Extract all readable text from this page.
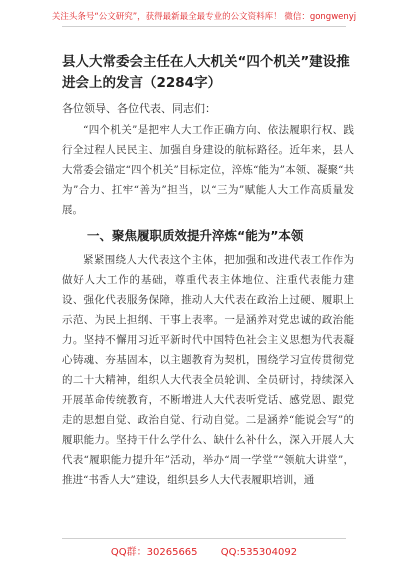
关注头条号“公文研究”，获得最新最全最专业的公文资料库！ 微信：gongwenyj
县人大常委会主任在人大机关“四个机关”建设推进会上的发言（2284字）
各位领导、各位代表、同志们：
“四个机关”是把牢人大工作正确方向、依法履职行权、践行全过程人民民主、加强自身建设的航标路径。近年来，县人大常委会锚定“四个机关”目标定位，淬炼“能为”本领、凝聚“共为”合力、扛牢“善为”担当，以“三为”赋能人大工作高质量发展。
一、聚焦履职质效提升淬炼“能为”本领
紧紧围绕人大代表这个主体，把加强和改进代表工作作为做好人大工作的基础，尊重代表主体地位、注重代表能力建设、强化代表服务保障，推动人大代表在政治上过硬、履职上示范、为民上担纲、干事上表率。一是涵养对党忠诚的政治能力。坚持不懈用习近平新时代中国特色社会主义思想为代表凝心铸魂、夯基固本，以主题教育为契机，围绕学习宣传贯彻党的二十大精神，组织人大代表全员轮训、全员研讨，持续深入开展革命传统教育，不断增进人大代表听党话、感党恩、跟党走的思想自觉、政治自觉、行动自觉。二是涵养“能说会写”的履职能力。坚持干什么学什么、缺什么补什么，深入开展人大代表“履职能力提升年”活动，举办“周一学堂”“领航大讲堂”，推进“书香人大”建设，组织县乡人大代表履职培训，通
QQ群：30265665 QQ:535304092
